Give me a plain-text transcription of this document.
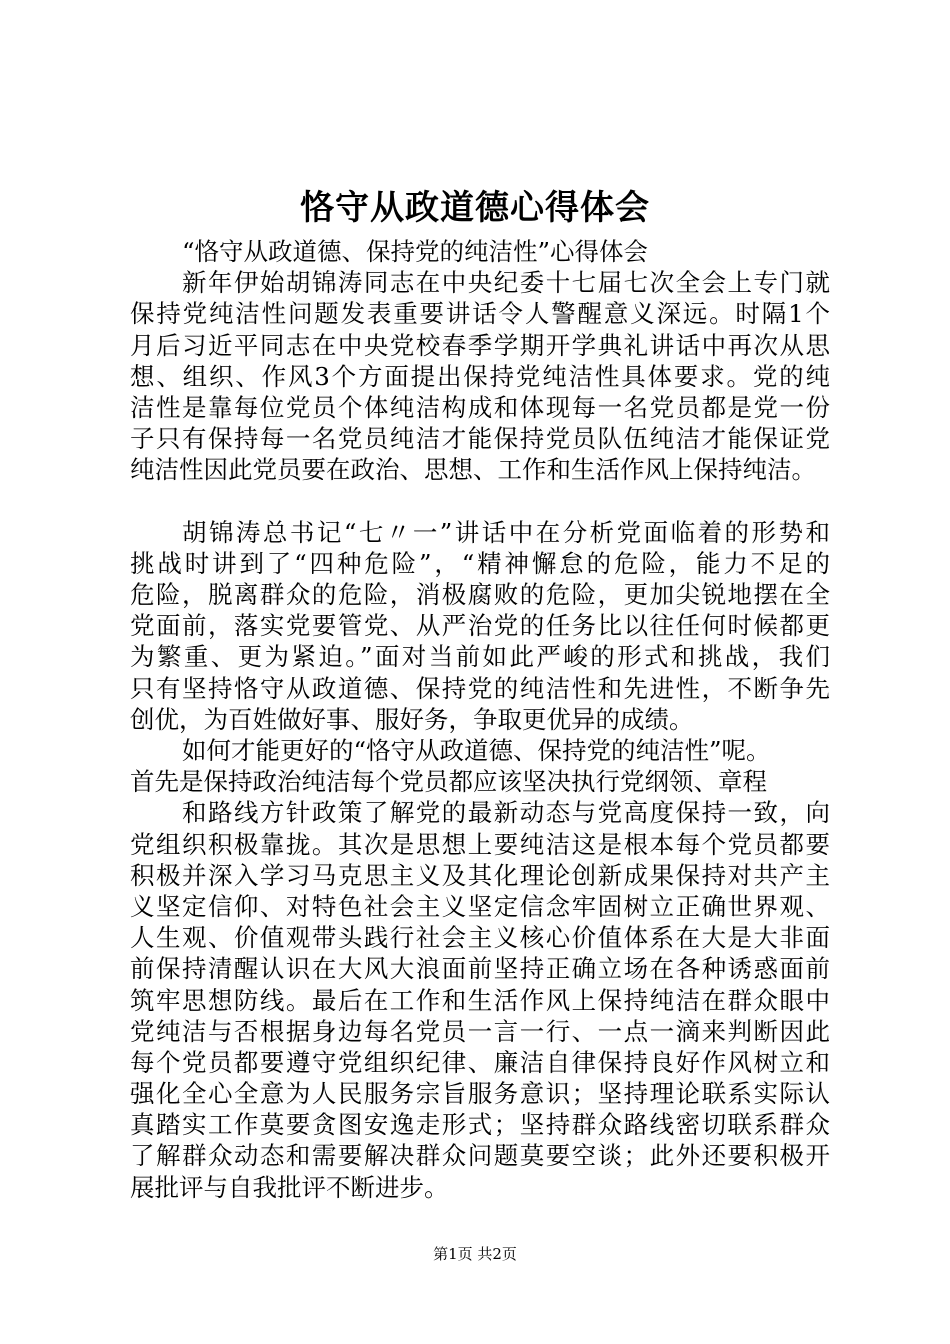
恪守从政道德心得体会
“恪守从政道德、保持党的纯洁性”心得体会
新年伊始胡锦涛同志在中央纪委十七届七次全会上专门就
保持党纯洁性问题发表重要讲话令人警醒意义深远。时隔1个
月后习近平同志在中央党校春季学期开学典礼讲话中再次从思
想、组织、作风3个方面提出保持党纯洁性具体要求。党的纯
洁性是靠每位党员个体纯洁构成和体现每一名党员都是党一份
子只有保持每一名党员纯洁才能保持党员队伍纯洁才能保证党
纯洁性因此党员要在政治、思想、工作和生活作风上保持纯洁。
胡锦涛总书记“七〃一”讲话中在分析党面临着的形势和
挑战时讲到了“四种危险”，“精神懈怠的危险，能力不足的
危险，脱离群众的危险，消极腐败的危险，更加尖锐地摆在全
党面前，落实党要管党、从严治党的任务比以往任何时候都更
为繁重、更为紧迫。”面对当前如此严峻的形式和挑战，我们
只有坚持恪守从政道德、保持党的纯洁性和先进性，不断争先
创优，为百姓做好事、服好务，争取更优异的成绩。
如何才能更好的“恪守从政道德、保持党的纯洁性”呢。
首先是保持政治纯洁每个党员都应该坚决执行党纲领、章程
和路线方针政策了解党的最新动态与党高度保持一致，向
党组织积极靠拢。其次是思想上要纯洁这是根本每个党员都要
积极并深入学习马克思主义及其化理论创新成果保持对共产主
义坚定信仰、对特色社会主义坚定信念牢固树立正确世界观、
人生观、价值观带头践行社会主义核心价值体系在大是大非面
前保持清醒认识在大风大浪面前坚持正确立场在各种诱惑面前
筑牢思想防线。最后在工作和生活作风上保持纯洁在群众眼中
党纯洁与否根据身边每名党员一言一行、一点一滴来判断因此
每个党员都要遵守党组织纪律、廉洁自律保持良好作风树立和
强化全心全意为人民服务宗旨服务意识；坚持理论联系实际认
真踏实工作莫要贪图安逸走形式；坚持群众路线密切联系群众
了解群众动态和需要解决群众问题莫要空谈；此外还要积极开
展批评与自我批评不断进步。
第1页 共2页
